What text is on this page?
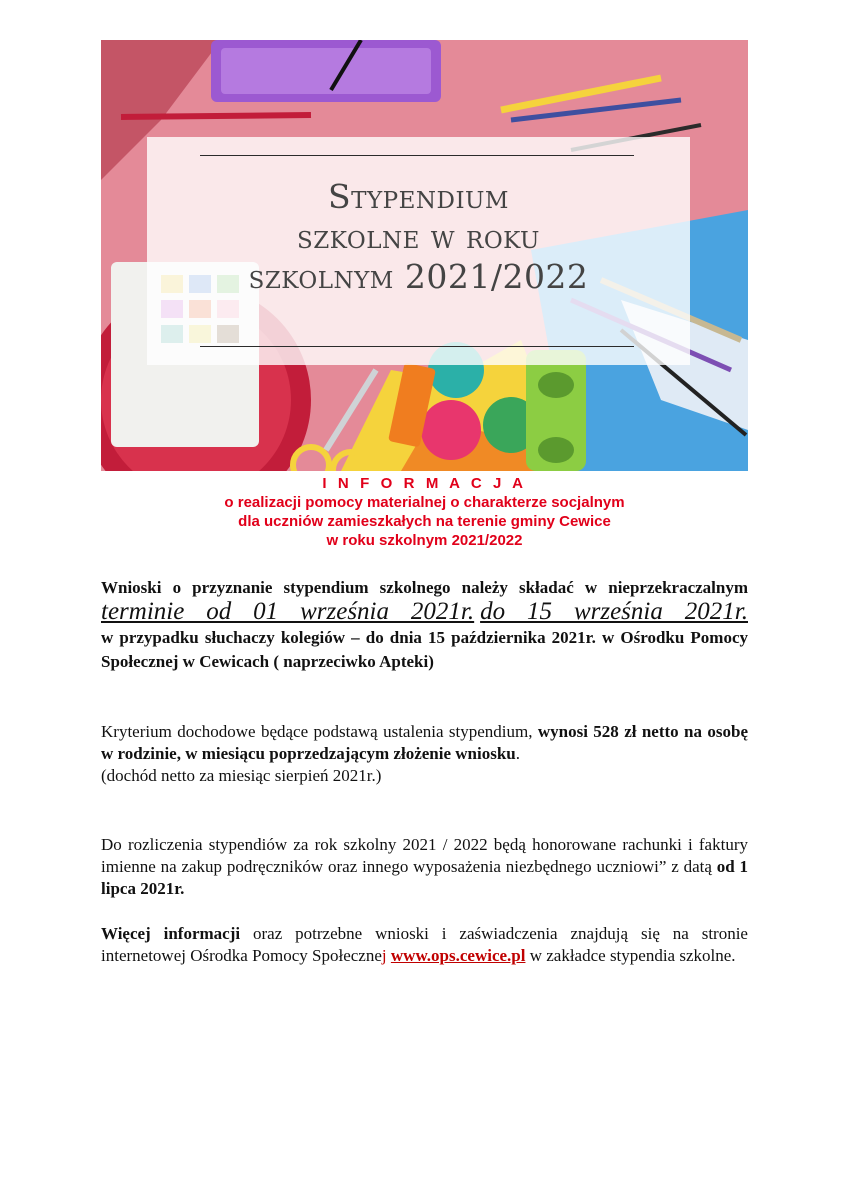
Stypendium
szkolne w roku
szkolnym 2021/2022
I N F O R M A C J A
o realizacji pomocy materialnej o charakterze socjalnym
dla uczniów zamieszkałych na terenie gminy Cewice
w roku szkolnym 2021/2022
Wnioski o przyznanie stypendium szkolnego należy składać w nieprzekraczalnym terminie od 01 września 2021r. do 15 września 2021r. w przypadku słuchaczy kolegiów – do dnia 15 października 2021r. w Ośrodku Pomocy Społecznej w Cewicach ( naprzeciwko Apteki)
Kryterium dochodowe będące podstawą ustalenia stypendium, wynosi 528 zł netto na osobę w rodzinie, w miesiącu poprzedzającym złożenie wniosku.
(dochód netto za miesiąc sierpień 2021r.)
Do rozliczenia stypendiów za rok szkolny 2021 / 2022 będą honorowane rachunki i faktury imienne na zakup podręczników oraz innego wyposażenia niezbędnego uczniowi” z datą od 1 lipca 2021r.
Więcej informacji oraz potrzebne wnioski i zaświadczenia znajdują się na stronie internetowej Ośrodka Pomocy Społecznej www.ops.cewice.pl w zakładce stypendia szkolne.
